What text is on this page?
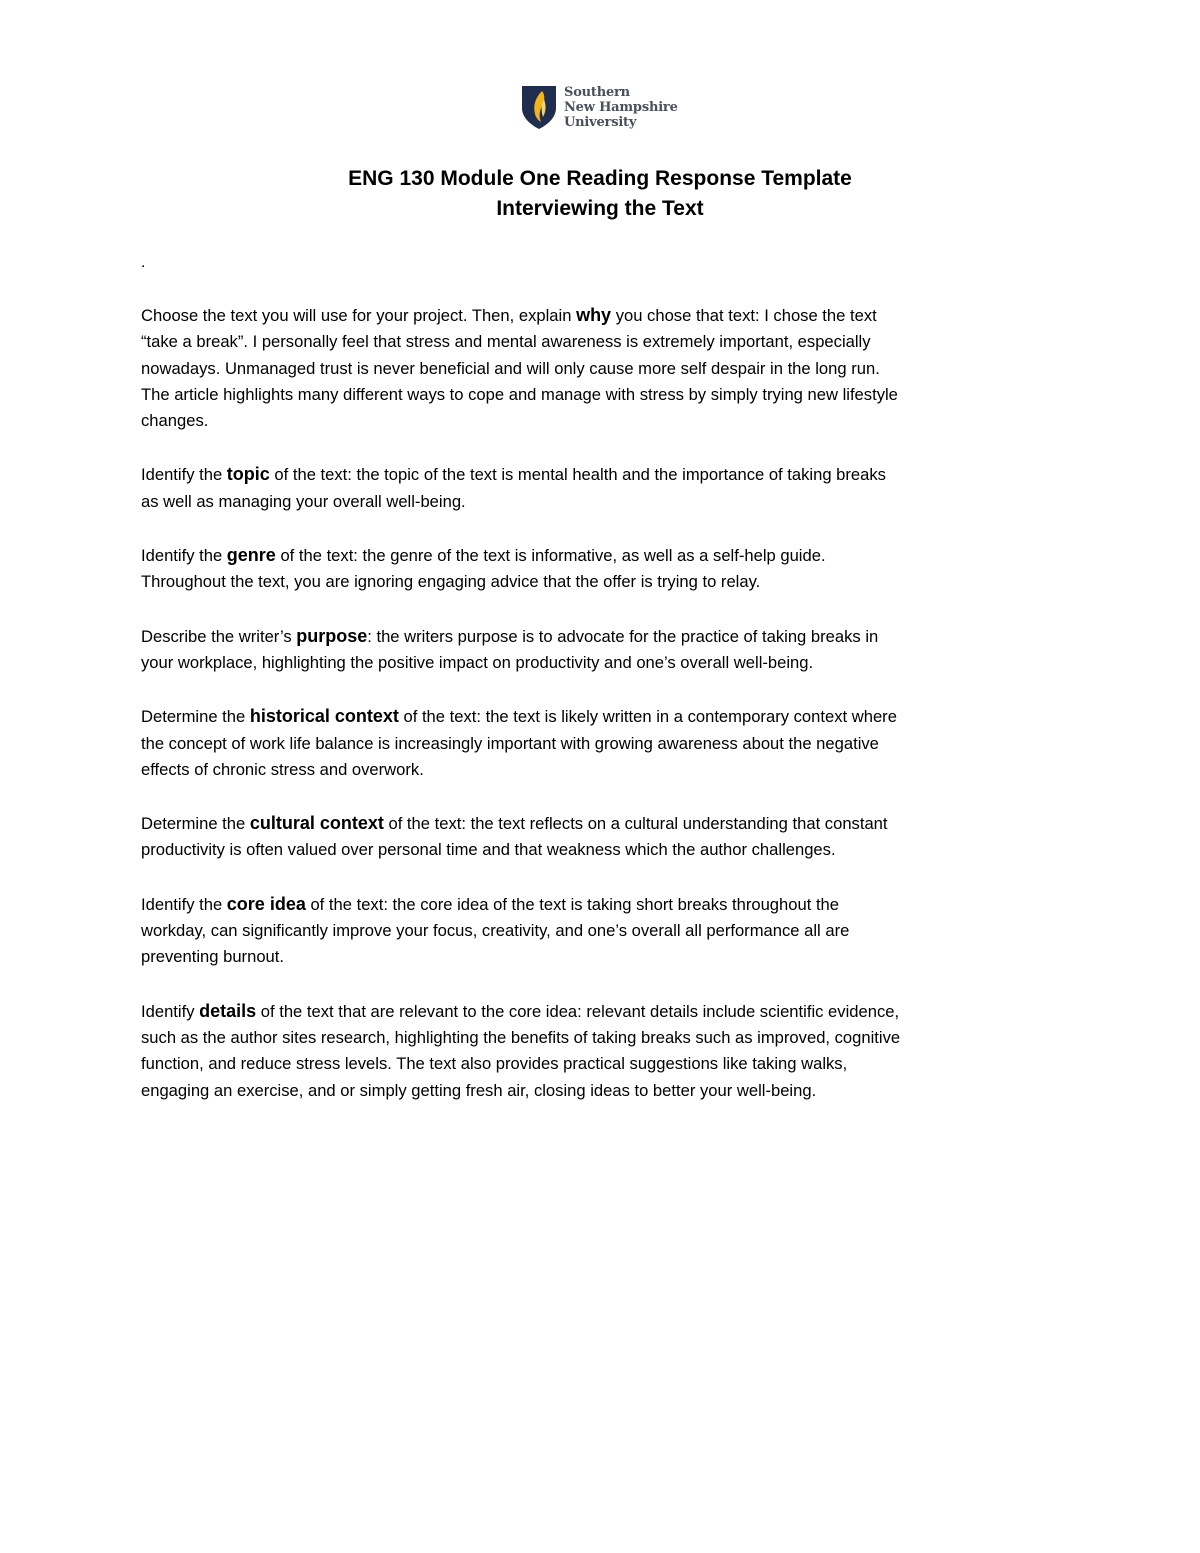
Southern
New Hampshire
University
ENG 130 Module One Reading Response Template
Interviewing the Text
.
Choose the text you will use for your project. Then, explain why you chose that text: I chose the text
“take a break”. I personally feel that stress and mental awareness is extremely important, especially
nowadays. Unmanaged trust is never beneficial and will only cause more self despair in the long run.
The article highlights many different ways to cope and manage with stress by simply trying new lifestyle
changes.
Identify the topic of the text: the topic of the text is mental health and the importance of taking breaks
as well as managing your overall well-being.
Identify the genre of the text: the genre of the text is informative, as well as a self-help guide.
Throughout the text, you are ignoring engaging advice that the offer is trying to relay.
Describe the writer’s purpose: the writers purpose is to advocate for the practice of taking breaks in
your workplace, highlighting the positive impact on productivity and one’s overall well-being.
Determine the historical context of the text: the text is likely written in a contemporary context where
the concept of work life balance is increasingly important with growing awareness about the negative
effects of chronic stress and overwork.
Determine the cultural context of the text: the text reflects on a cultural understanding that constant
productivity is often valued over personal time and that weakness which the author challenges.
Identify the core idea of the text: the core idea of the text is taking short breaks throughout the
workday, can significantly improve your focus, creativity, and one’s overall all performance all are
preventing burnout.
Identify details of the text that are relevant to the core idea: relevant details include scientific evidence,
such as the author sites research, highlighting the benefits of taking breaks such as improved, cognitive
function, and reduce stress levels. The text also provides practical suggestions like taking walks,
engaging an exercise, and or simply getting fresh air, closing ideas to better your well-being.
